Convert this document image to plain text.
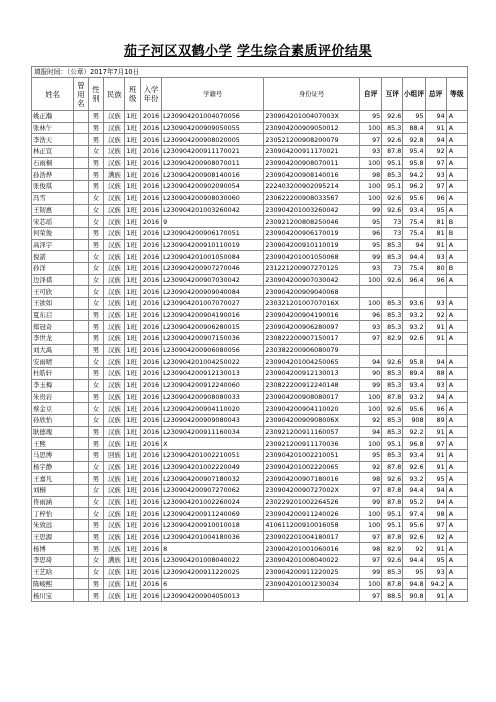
茄子河区双鹤小学 学生综合素质评价结果
填报时间：（公章）2017年7月10日												
姓名	曾用名	性别	民族	班级	入学年份	学籍号	身份证号	自评	互评	小组评	总评	等级
姚正瀚		男	汉族	1班	2016	L230904201004070056	23090420100407003X	95	92.6	95	94	A
张林午		男	汉族	1班	2016	L230904200909050055	230904200909050012	100	85.3	88.4	91	A
李浩天		男	汉族	1班	2016	L230904200908020005	230521200908200079	97	92.6	92.8	94	A
林正宣		女	汉族	1班	2016	L230904200911170021	230904200911170021	93	87.8	95.4	92	A
石雨桐		男	汉族	1班	2016	L230904200908070011	230904200908070011	100	95.1	95.8	97	A
孙浩烨		男	满族	1班	2016	L230904200908140016	230904200908140016	98	85.3	94.2	93	A
张俊琪		男	汉族	1班	2016	L230904200902090054	222403200902095214	100	95.1	96.2	97	A
冯雪		女	汉族	1班	2016	L230904200908030060	230622200908033567	100	92.6	95.6	96	A
王韧惠		女	汉族	1班	2016	L230904201003260042	230904201003260042	99	92.6	93.4	95	A
宋芯瑶		女	汉族	1班	2016	9	230921200808250046	95	73	75.4	81	B
何荣俊		男	汉族	1班	2016	L230904200906170051	230904200906170019	96	73	75.4	81	B
高泽宇		男	汉族	1班	2016	L230904200910110019	230904200910110019	95	85.3	94	91	A
倪諾		女	汉族	1班	2016	L230904201001050084	230904201001050068	99	85.3	94.4	93	A
孙洋		女	汉族	1班	2016	L230904200907270046	231221200907270125	93	73	75.4	80	B
边泽祺		女	汉族	1班	2016	L230904200907030042	230904200907030042	100	92.6	96.4	96	A
王可欣		女	汉族	1班	2016	L230904200909040084	230904200909040068					
王欲如		女	汉族	1班	2016	L230904201007070027	23032120100707016X	100	85.3	93.6	93	A
夏东启		男	汉族	1班	2016	L230904200904190016	230904200904190016	96	85.3	93.2	92	A
郑冠奇		男	汉族	1班	2016	L230904200906280015	230904200906280097	93	85.3	93.2	91	A
李世龙		男	汉族	1班	2016	L230904200907150036	230822200907150017	97	82.9	92.6	91	A
刘大禹		男	汉族	1班	2016	L230904200906080056	230382200906080079					
安雨晴		女	汉族	1班	2016	L230904201004250022	230904201004250065	94	92.6	95.8	94	A
杜皓轩		男	汉族	1班	2016	L230904200912130013	230904200912130013	90	85.3	89.4	88	A
李玉梅		女	汉族	1班	2016	L230904200912240060	230822200912240148	99	85.3	93.4	93	A
朱贵岩		男	汉族	1班	2016	L230904200908080033	230904200908080017	100	87.8	93.2	94	A
蔡金豆		女	汉族	1班	2016	L230904200904110020	230904200904110020	100	92.6	95.6	96	A
孙欣怡		女	汉族	1班	2016	L230904200909080043	23090420090908006X	92	85.3	908	89	A
耿德瑰		男	汉族	1班	2016	L230904200911160034	230921200911160057	94	85.3	92.2	91	A
王熙		男	汉族	1班	2016	X	230921200911170036	100	95.1	96.8	97	A
马思博		男	回族	1班	2016	L230904201002210051	230904201002210051	95	85.3	93.4	91	A
杨宇静		女	汉族	1班	2016	L230904201002220049	230904201002220065	92	87.8	92.6	91	A
王嘉凡		男	汉族	1班	2016	L230904200907180032	230904200907180016	98	92.6	93.2	95	A
刘桐		女	汉族	1班	2016	L230904200907270062	23090420090727002X	97	87.8	94.4	94	A
佟雨涵		女	汉族	1班	2016	L230904201002260024	230229201002264526	99	87.8	95.2	94	A
丁梓怡		女	汉族	1班	2016	L230904200911240069	230904200911240026	100	95.1	97.4	98	A
朱致远		男	汉族	1班	2016	L230904200910010018	410611200910016058	100	95.1	95.6	97	A
王思源		男	汉族	1班	2016	L230904201004180036	230902201004180017	97	87.8	92.6	92	A
杨博		男	汉族	1班	2016	8	230904201001060016	98	82.9	92	91	A
李思琦		女	满族	1班	2016	L230904201008040022	230904201008040022	97	92.6	94.4	95	A
王艺晗		女	汉族	1班	2016	L230904200911220025	230904200911220025	99	85.3	95	93	A
陈峻熙		男	汉族	1班	2016	6	230904201001230034	100	87.8	94.8	94.2	A
杨川宝		男	汉族	1班	2016	L230904200904050013		97	88.5	90.8	91	A
